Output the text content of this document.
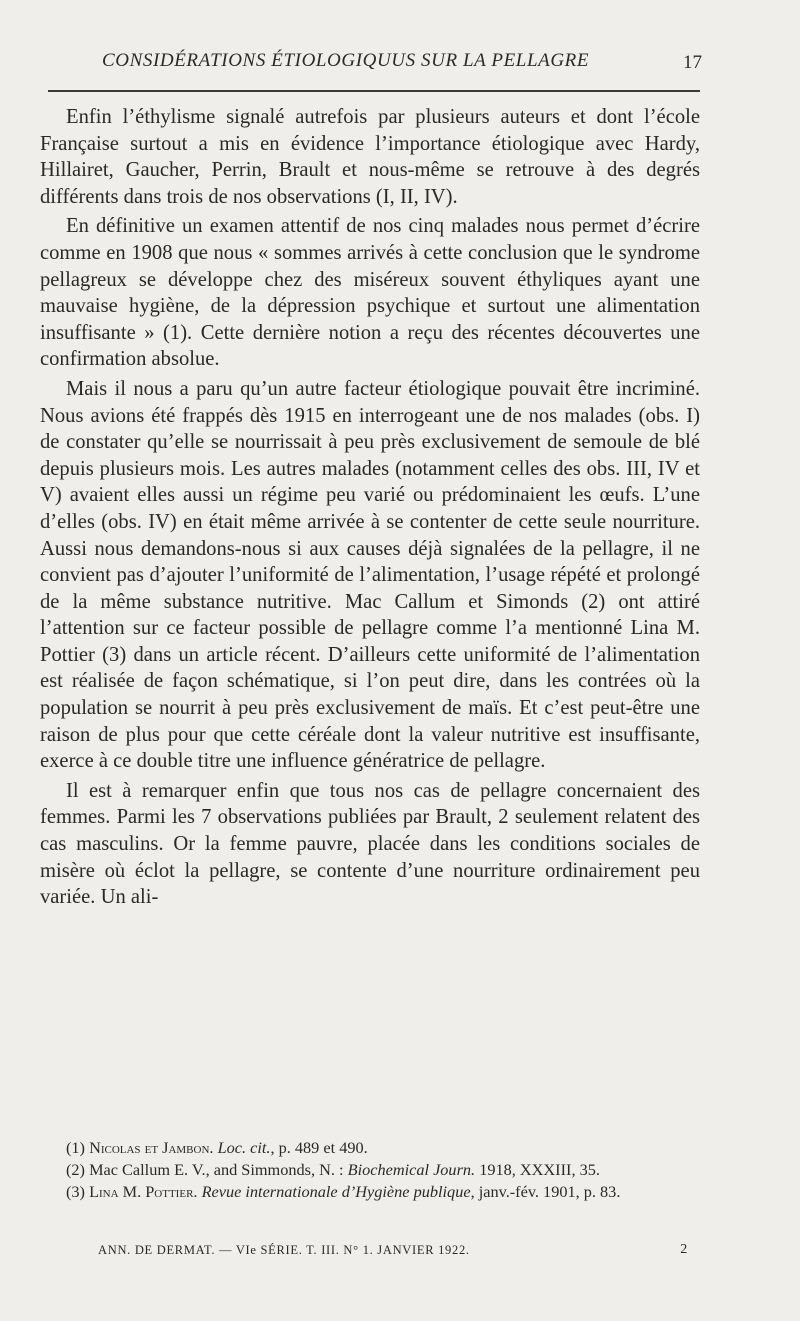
CONSIDÉRATIONS ÉTIOLOGIQUUS SUR LA PELLAGRE	17

Enfin l’éthylisme signalé autrefois par plusieurs auteurs et dont l’école Française surtout a mis en évidence l’importance étiologique avec Hardy, Hillairet, Gaucher, Perrin, Brault et nous-même se retrouve à des degrés différents dans trois de nos observations (I, II, IV).

En définitive un examen attentif de nos cinq malades nous permet d’écrire comme en 1908 que nous « sommes arrivés à cette conclusion que le syndrome pellagreux se développe chez des miséreux souvent éthyliques ayant une mauvaise hygiène, de la dépression psychique et surtout une alimentation insuffisante » (1). Cette dernière notion a reçu des récentes découvertes une confirmation absolue.

Mais il nous a paru qu’un autre facteur étiologique pouvait être incriminé. Nous avions été frappés dès 1915 en interrogeant une de nos malades (obs. I) de constater qu’elle se nourrissait à peu près exclusivement de semoule de blé depuis plusieurs mois. Les autres malades (notamment celles des obs. III, IV et V) avaient elles aussi un régime peu varié ou prédominaient les œufs. L’une d’elles (obs. IV) en était même arrivée à se contenter de cette seule nourriture. Aussi nous demandons-nous si aux causes déjà signalées de la pellagre, il ne convient pas d’ajouter l’uniformité de l’alimentation, l’usage répété et prolongé de la même substance nutritive. Mac Callum et Simonds (2) ont attiré l’attention sur ce facteur possible de pellagre comme l’a mentionné Lina M. Pottier (3) dans un article récent. D’ailleurs cette uniformité de l’alimentation est réalisée de façon schématique, si l’on peut dire, dans les contrées où la population se nourrit à peu près exclusivement de maïs. Et c’est peut-être une raison de plus pour que cette céréale dont la valeur nutritive est insuffisante, exerce à ce double titre une influence génératrice de pellagre.

Il est à remarquer enfin que tous nos cas de pellagre concernaient des femmes. Parmi les 7 observations publiées par Brault, 2 seulement relatent des cas masculins. Or la femme pauvre, placée dans les conditions sociales de misère où éclot la pellagre, se contente d’une nourriture ordinairement peu variée. Un ali-

(1) Nicolas et Jambon. Loc. cit., p. 489 et 490.

(2) Mac Callum E. V., and Simmonds, N. : Biochemical Journ. 1918, XXXIII, 35.

(3) Lina M. Pottier. Revue internationale d’Hygiène publique, janv.-fév. 1901, p. 83.

ANN. DE DERMAT. — VIe SÉRIE. T. III. N° 1. JANVIER 1922.	2
